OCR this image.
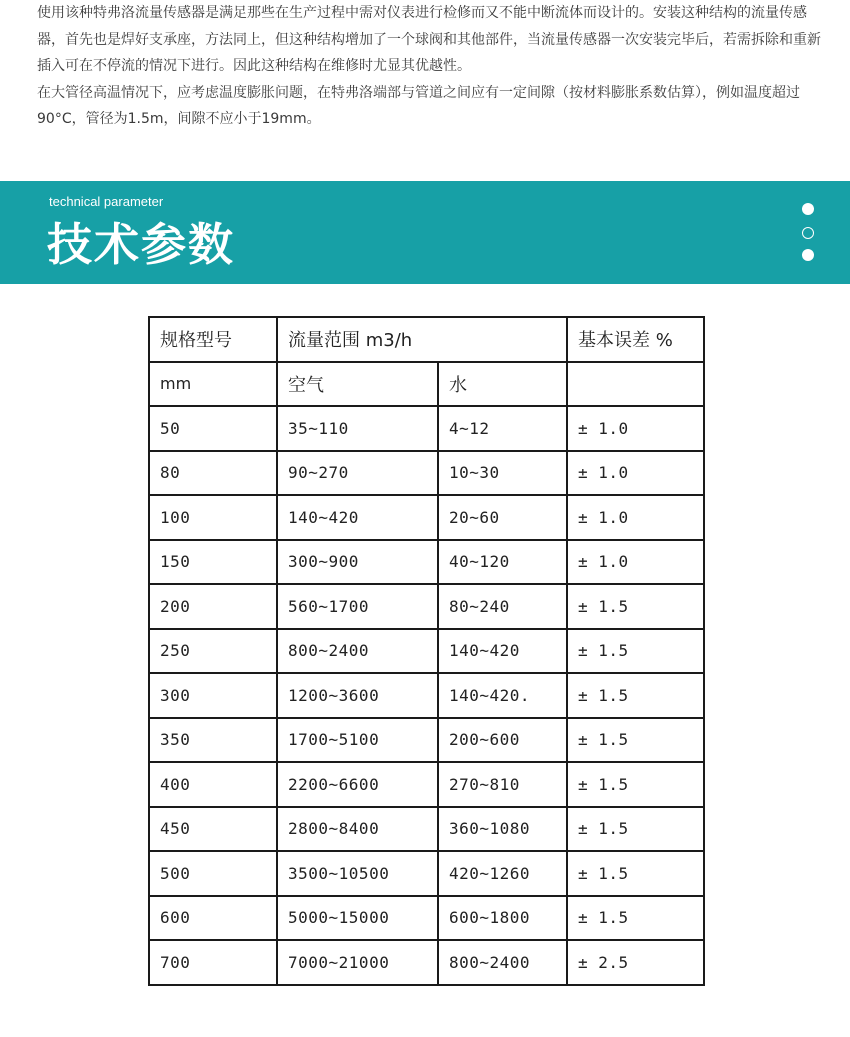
使用该种特弗洛流量传感器是满足那些在生产过程中需对仪表进行检修而又不能中断流体而设计的。安装这种结构的流量传感器，首先也是焊好支承座，方法同上，但这种结构增加了一个球阀和其他部件，当流量传感器一次安装完毕后，若需拆除和重新插入可在不停流的情况下进行。因此这种结构在维修时尤显其优越性。

在大管径高温情况下，应考虑温度膨胀问题，在特弗洛端部与管道之间应有一定间隙（按材料膨胀系数估算），例如温度超过90°C，管径为1.5m，间隙不应小于19mm。

technical parameter
技术参数
规格型号	流量范围 m3/h		基本误差 %
mm	空气	水	
50	35~110	4~12	± 1.0
80	90~270	10~30	± 1.0
100	140~420	20~60	± 1.0
150	300~900	40~120	± 1.0
200	560~1700	80~240	± 1.5
250	800~2400	140~420	± 1.5
300	1200~3600	140~420.	± 1.5
350	1700~5100	200~600	± 1.5
400	2200~6600	270~810	± 1.5
450	2800~8400	360~1080	± 1.5
500	3500~10500	420~1260	± 1.5
600	5000~15000	600~1800	± 1.5
700	7000~21000	800~2400	± 2.5
